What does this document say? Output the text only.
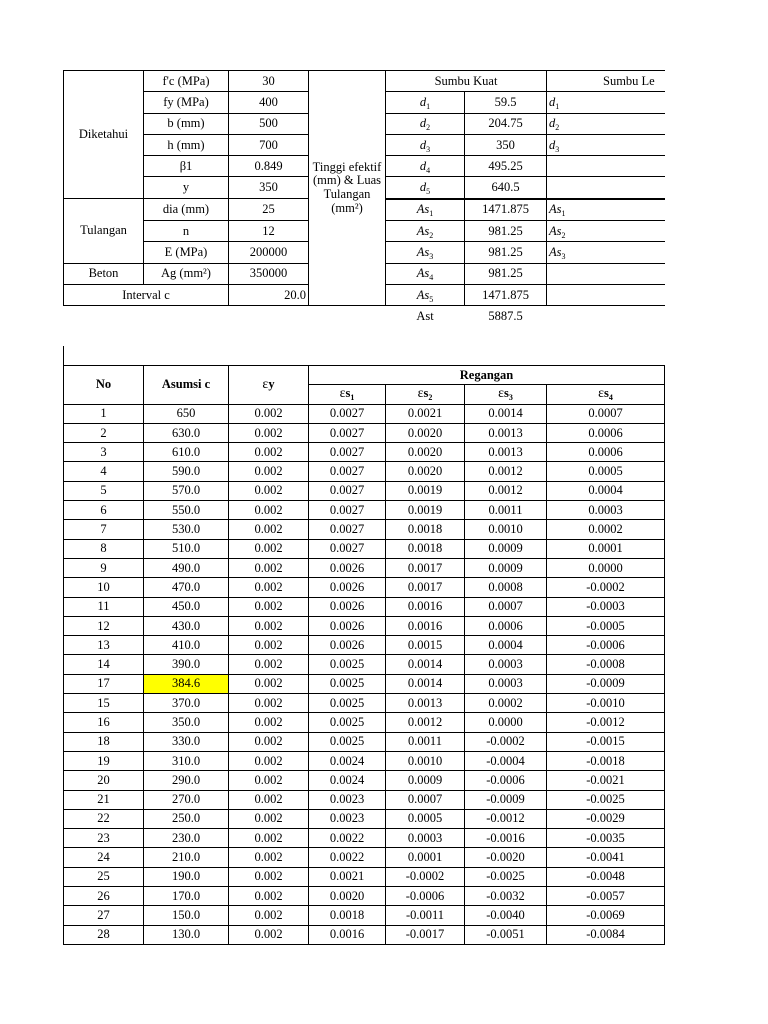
Diketahui	f'c (MPa)	30	Tinggi efektif (mm) & Luas Tulangan (mm²)	Sumbu Kuat		Sumbu Le
	fy (MPa)	400		$d_1$	59.5	$d_1$
	b (mm)	500		$d_2$	204.75	$d_2$
	h (mm)	700		$d_3$	350	$d_3$
	β1	0.849		$d_4$	495.25	
	y	350		$d_5$	640.5	
Tulangan	dia (mm)	25		$As_1$	1471.875	$As_1$
	n	12		$As_2$	981.25	$As_2$
	E (MPa)	200000		$As_3$	981.25	$As_3$
Beton	Ag (mm²)	350000		$As_4$	981.25	
Interval c		20.0		$As_5$	1471.875	
				Ast	5887.5	
No	Asumsi c	εy	Regangan			
			$\varepsilon s_1$	$\varepsilon s_2$	$\varepsilon s_3$	$\varepsilon s_4$
1	650	0.002	0.0027	0.0021	0.0014	0.0007
2	630.0	0.002	0.0027	0.0020	0.0013	0.0006
3	610.0	0.002	0.0027	0.0020	0.0013	0.0006
4	590.0	0.002	0.0027	0.0020	0.0012	0.0005
5	570.0	0.002	0.0027	0.0019	0.0012	0.0004
6	550.0	0.002	0.0027	0.0019	0.0011	0.0003
7	530.0	0.002	0.0027	0.0018	0.0010	0.0002
8	510.0	0.002	0.0027	0.0018	0.0009	0.0001
9	490.0	0.002	0.0026	0.0017	0.0009	0.0000
10	470.0	0.002	0.0026	0.0017	0.0008	-0.0002
11	450.0	0.002	0.0026	0.0016	0.0007	-0.0003
12	430.0	0.002	0.0026	0.0016	0.0006	-0.0005
13	410.0	0.002	0.0026	0.0015	0.0004	-0.0006
14	390.0	0.002	0.0025	0.0014	0.0003	-0.0008
17	384.6	0.002	0.0025	0.0014	0.0003	-0.0009
15	370.0	0.002	0.0025	0.0013	0.0002	-0.0010
16	350.0	0.002	0.0025	0.0012	0.0000	-0.0012
18	330.0	0.002	0.0025	0.0011	-0.0002	-0.0015
19	310.0	0.002	0.0024	0.0010	-0.0004	-0.0018
20	290.0	0.002	0.0024	0.0009	-0.0006	-0.0021
21	270.0	0.002	0.0023	0.0007	-0.0009	-0.0025
22	250.0	0.002	0.0023	0.0005	-0.0012	-0.0029
23	230.0	0.002	0.0022	0.0003	-0.0016	-0.0035
24	210.0	0.002	0.0022	0.0001	-0.0020	-0.0041
25	190.0	0.002	0.0021	-0.0002	-0.0025	-0.0048
26	170.0	0.002	0.0020	-0.0006	-0.0032	-0.0057
27	150.0	0.002	0.0018	-0.0011	-0.0040	-0.0069
28	130.0	0.002	0.0016	-0.0017	-0.0051	-0.0084
